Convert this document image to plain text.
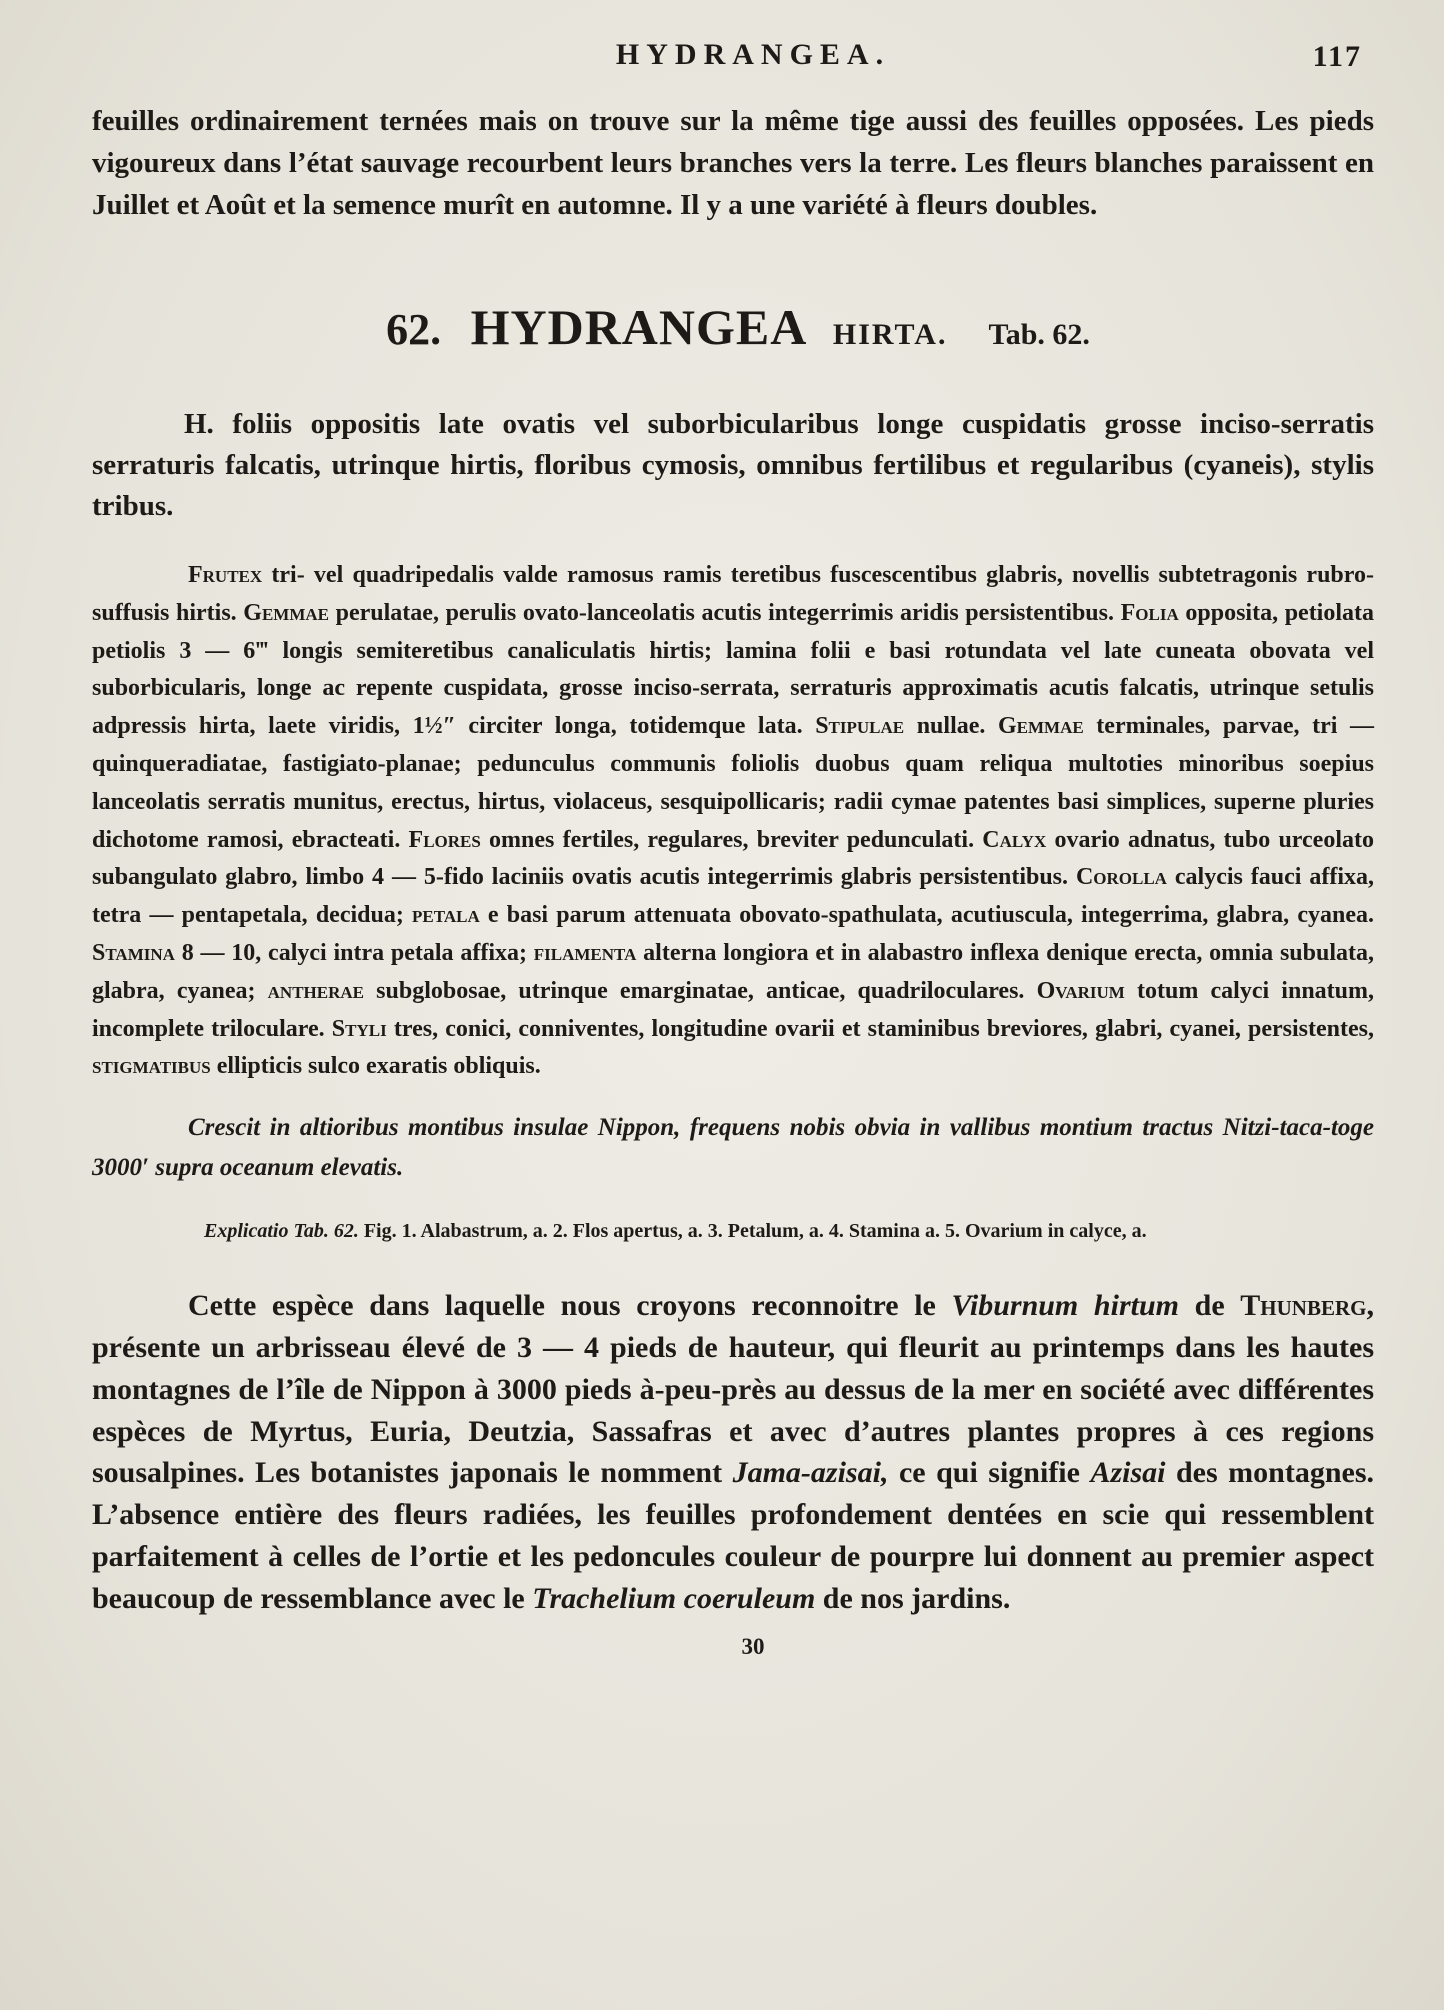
HYDRANGEA.	117

feuilles ordinairement ternées mais on trouve sur la même tige aussi des feuilles opposées. Les pieds vigoureux dans l’état sauvage recourbent leurs branches vers la terre. Les fleurs blanches paraissent en Juillet et Août et la semence murît en automne. Il y a une variété à fleurs doubles.

62. HYDRANGEA HIRTA. Tab. 62.

H. foliis oppositis late ovatis vel suborbicularibus longe cuspidatis grosse inciso-serratis serraturis falcatis, utrinque hirtis, floribus cymosis, omnibus fertilibus et regularibus (cyaneis), stylis tribus.

Frutex tri- vel quadripedalis valde ramosus ramis teretibus fuscescentibus glabris, novellis subtetragonis rubro-suffusis hirtis. Gemmae perulatae, perulis ovato-lanceolatis acutis integerrimis aridis persistentibus. Folia opposita, petiolata petiolis 3 — 6‴ longis semiteretibus canaliculatis hirtis; lamina folii e basi rotundata vel late cuneata obovata vel suborbicularis, longe ac repente cuspidata, grosse inciso-serrata, serraturis approximatis acutis falcatis, utrinque setulis adpressis hirta, laete viridis, 1½″ circiter longa, totidemque lata. Stipulae nullae. Gemmae terminales, parvae, tri — quinqueradiatae, fastigiato-planae; pedunculus communis foliolis duobus quam reliqua multoties minoribus soepius lanceolatis serratis munitus, erectus, hirtus, violaceus, sesquipollicaris; radii cymae patentes basi simplices, superne pluries dichotome ramosi, ebracteati. Flores omnes fertiles, regulares, breviter pedunculati. Calyx ovario adnatus, tubo urceolato subangulato glabro, limbo 4 — 5-fido laciniis ovatis acutis integerrimis glabris persistentibus. Corolla calycis fauci affixa, tetra — pentapetala, decidua; petala e basi parum attenuata obovato-spathulata, acutiuscula, integerrima, glabra, cyanea. Stamina 8 — 10, calyci intra petala affixa; filamenta alterna longiora et in alabastro inflexa denique erecta, omnia subulata, glabra, cyanea; antherae subglobosae, utrinque emarginatae, anticae, quadriloculares. Ovarium totum calyci innatum, incomplete triloculare. Styli tres, conici, conniventes, longitudine ovarii et staminibus breviores, glabri, cyanei, persistentes, stigmatibus ellipticis sulco exaratis obliquis.

Crescit in altioribus montibus insulae Nippon, frequens nobis obvia in vallibus montium tractus Nitzi-taca-toge 3000′ supra oceanum elevatis.

Explicatio Tab. 62. Fig. 1. Alabastrum, a. 2. Flos apertus, a. 3. Petalum, a. 4. Stamina a. 5. Ovarium in calyce, a.

Cette espèce dans laquelle nous croyons reconnoitre le Viburnum hirtum de Thunberg, présente un arbrisseau élevé de 3 — 4 pieds de hauteur, qui fleurit au printemps dans les hautes montagnes de l’île de Nippon à 3000 pieds à-peu-près au dessus de la mer en société avec différentes espèces de Myrtus, Euria, Deutzia, Sassafras et avec d’autres plantes propres à ces regions sousalpines. Les botanistes japonais le nomment Jama-azisai, ce qui signifie Azisai des montagnes. L’absence entière des fleurs radiées, les feuilles profondement dentées en scie qui ressemblent parfaitement à celles de l’ortie et les pedoncules couleur de pourpre lui donnent au premier aspect beaucoup de ressemblance avec le Trachelium coeruleum de nos jardins.

30
